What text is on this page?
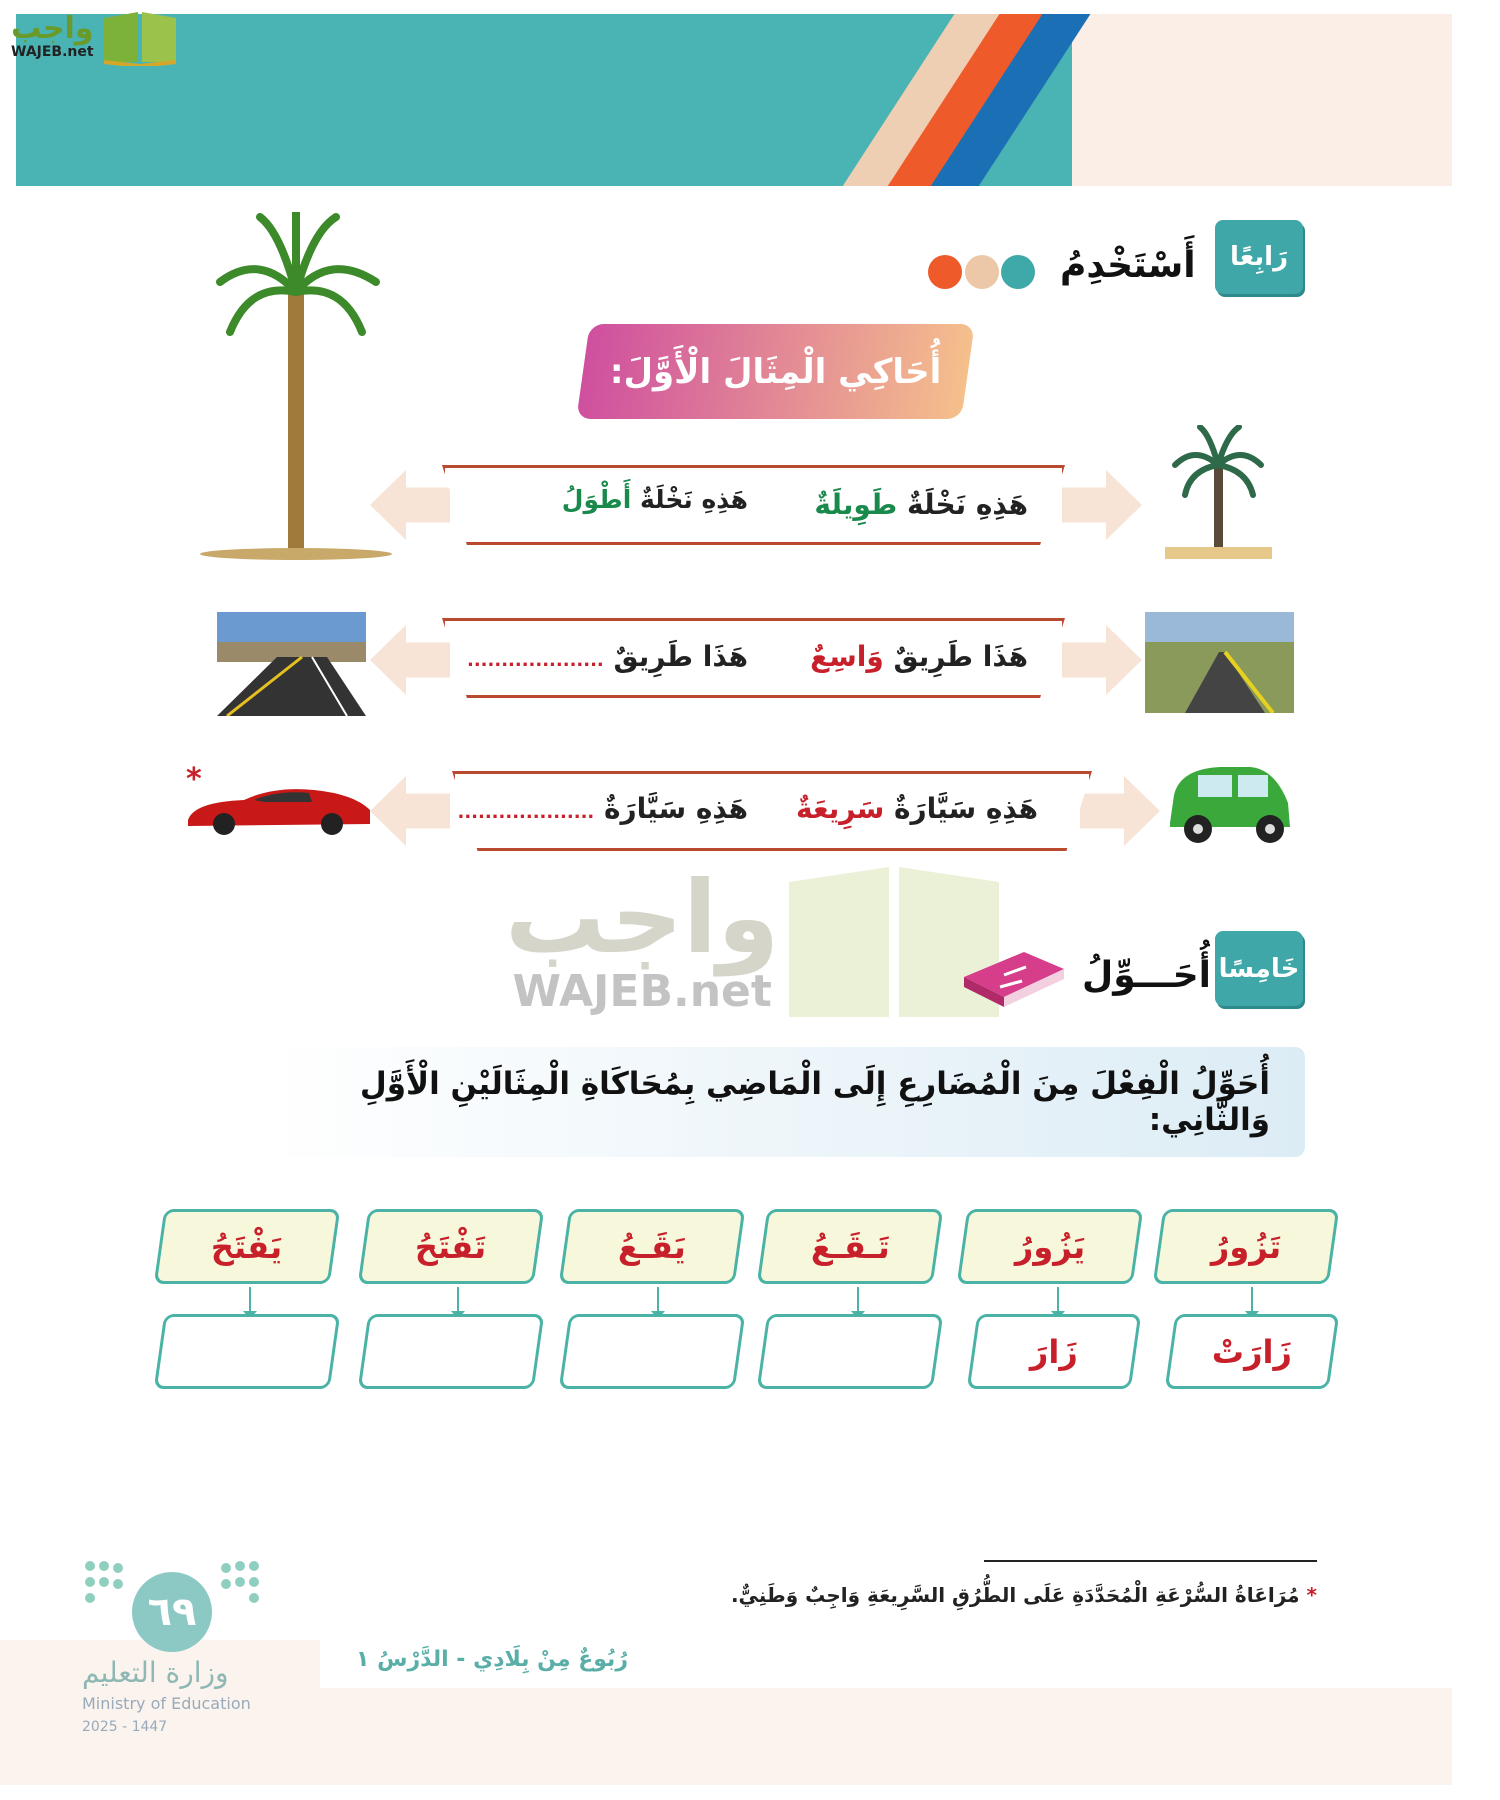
واجب
WAJEB.net
رَابِعًا
أَسْتَخْدِمُ
أُحَاكِي الْمِثَالَ الْأَوَّلَ:
هَذِهِ نَخْلَةٌ طَوِيلَةٌ
هَذِهِ نَخْلَةٌ أَطْوَلُ
هَذَا طَرِيقٌ وَاسِعٌ
هَذَا طَرِيقٌ ....................
*
هَذِهِ سَيَّارَةٌ سَرِيعَةٌ
هَذِهِ سَيَّارَةٌ ....................
واجب
WAJEB.net	خَامِسًا
أُحَـــوِّلُ
أُحَوِّلُ الْفِعْلَ مِنَ الْمُضَارِعِ إِلَى الْمَاضِي بِمُحَاكَاةِ الْمِثَالَيْنِ الْأَوَّلِ وَالثَّانِي:
تَزُورُ
يَزُورُ
تَـقَـعُ
يَقَـعُ
تَفْتَحُ
يَفْتَحُ
زَارَتْ
زَارَ
* مُرَاعَاةُ السُّرْعَةِ الْمُحَدَّدَةِ عَلَى الطُّرُقِ السَّرِيعَةِ وَاجِبٌ وَطَنِيٌّ.
٦٩
وزارة التعليم
Ministry of Education
2025 - 1447
رُبُوعٌ مِنْ بِلَادِي - الدَّرْسُ ١
